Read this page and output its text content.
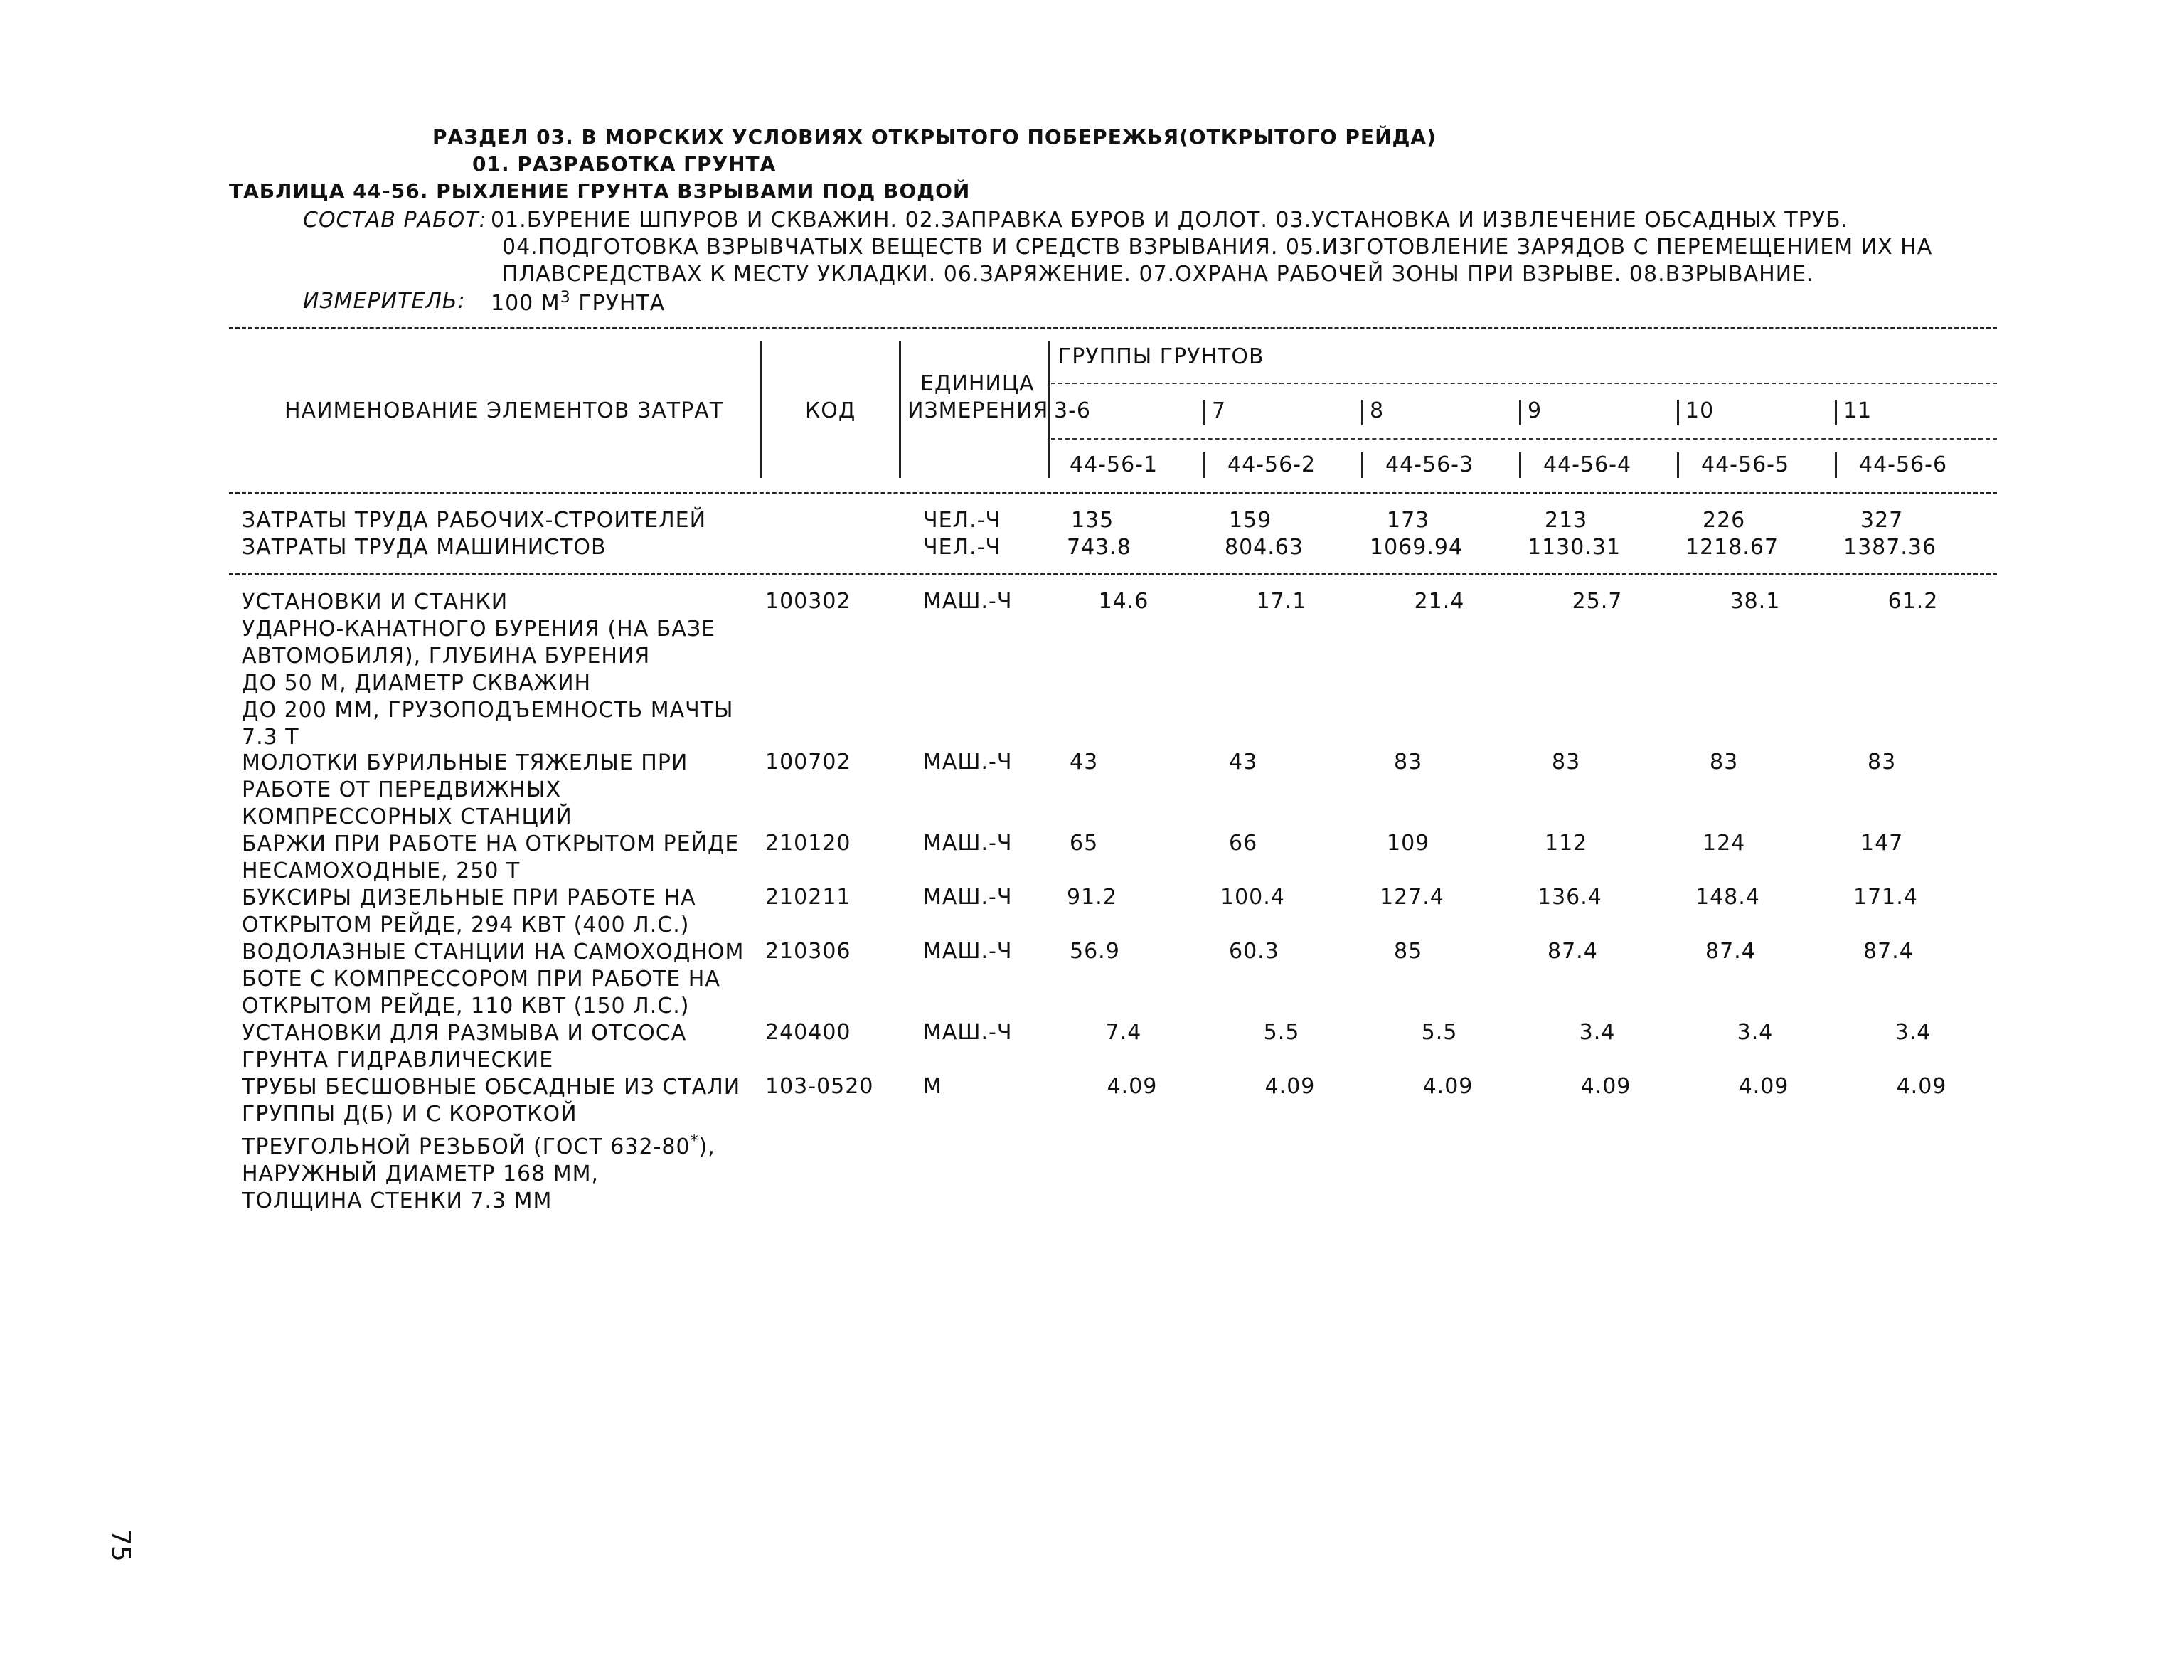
РАЗДЕЛ 03. В МОРСКИХ УСЛОВИЯХ ОТКРЫТОГО ПОБЕРЕЖЬЯ(ОТКРЫТОГО РЕЙДА)
01. РАЗРАБОТКА ГРУНТА
ТАБЛИЦА 44-56. РЫХЛЕНИЕ ГРУНТА ВЗРЫВАМИ ПОД ВОДОЙ
СОСТАВ РАБОТ: 01.БУРЕНИЕ ШПУРОВ И СКВАЖИН. 02.ЗАПРАВКА БУРОВ И ДОЛОТ. 03.УСТАНОВКА И ИЗВЛЕЧЕНИЕ ОБСАДНЫХ ТРУБ.
04.ПОДГОТОВКА ВЗРЫВЧАТЫХ ВЕЩЕСТВ И СРЕДСТВ ВЗРЫВАНИЯ. 05.ИЗГОТОВЛЕНИЕ ЗАРЯДОВ С ПЕРЕМЕЩЕНИЕМ ИХ НА
ПЛАВСРЕДСТВАХ К МЕСТУ УКЛАДКИ. 06.ЗАРЯЖЕНИЕ. 07.ОХРАНА РАБОЧЕЙ ЗОНЫ ПРИ ВЗРЫВЕ. 08.ВЗРЫВАНИЕ.
ИЗМЕРИТЕЛЬ: 100 $М^3$ ГРУНТА
НАИМЕНОВАНИЕ ЭЛЕМЕНТОВ ЗАТРАТ	КОД
ЕДИНИЦА
ИЗМЕРЕНИЯ
ГРУППЫ ГРУНТОВ
3-6	7	8	9	10	11
44-56-1	44-56-2	44-56-3	44-56-4	44-56-5	44-56-6
ЗАТРАТЫ ТРУДА РАБОЧИХ-СТРОИТЕЛЕЙ	ЧЕЛ.-Ч	135	159	173	213	226	327
ЗАТРАТЫ ТРУДА МАШИНИСТОВ	ЧЕЛ.-Ч	743.8	804.63	1069.94	1130.31	1218.67	1387.36
УСТАНОВКИ И СТАНКИ
УДАРНО-КАНАТНОГО БУРЕНИЯ (НА БАЗЕ
АВТОМОБИЛЯ), ГЛУБИНА БУРЕНИЯ
ДО 50 М, ДИАМЕТР СКВАЖИН
ДО 200 ММ, ГРУЗОПОДЪЕМНОСТЬ МАЧТЫ
7.3 Т
100302	МАШ.-Ч	14.6	17.1	21.4	25.7	38.1	61.2
МОЛОТКИ БУРИЛЬНЫЕ ТЯЖЕЛЫЕ ПРИ
РАБОТЕ ОТ ПЕРЕДВИЖНЫХ
КОМПРЕССОРНЫХ СТАНЦИЙ
100702	МАШ.-Ч	43	43	83	83	83	83
БАРЖИ ПРИ РАБОТЕ НА ОТКРЫТОМ РЕЙДЕ
НЕСАМОХОДНЫЕ, 250 Т
210120	МАШ.-Ч	65	66	109	112	124	147
БУКСИРЫ ДИЗЕЛЬНЫЕ ПРИ РАБОТЕ НА
ОТКРЫТОМ РЕЙДЕ, 294 КВТ (400 Л.С.)
210211	МАШ.-Ч	91.2	100.4	127.4	136.4	148.4	171.4
ВОДОЛАЗНЫЕ СТАНЦИИ НА САМОХОДНОМ
БОТЕ С КОМПРЕССОРОМ ПРИ РАБОТЕ НА
ОТКРЫТОМ РЕЙДЕ, 110 КВТ (150 Л.С.)
210306	МАШ.-Ч	56.9	60.3	85	87.4	87.4	87.4
УСТАНОВКИ ДЛЯ РАЗМЫВА И ОТСОСА
ГРУНТА ГИДРАВЛИЧЕСКИЕ
240400	МАШ.-Ч	7.4	5.5	5.5	3.4	3.4	3.4
ТРУБЫ БЕСШОВНЫЕ ОБСАДНЫЕ ИЗ СТАЛИ
ГРУППЫ Д(Б) И С КОРОТКОЙ
ТРЕУГОЛЬНОЙ РЕЗЬБОЙ (ГОСТ 632-80*),
НАРУЖНЫЙ ДИАМЕТР 168 ММ,
ТОЛЩИНА СТЕНКИ 7.3 ММ
103-0520 М	4.09	4.09	4.09	4.09	4.09	4.09
75
